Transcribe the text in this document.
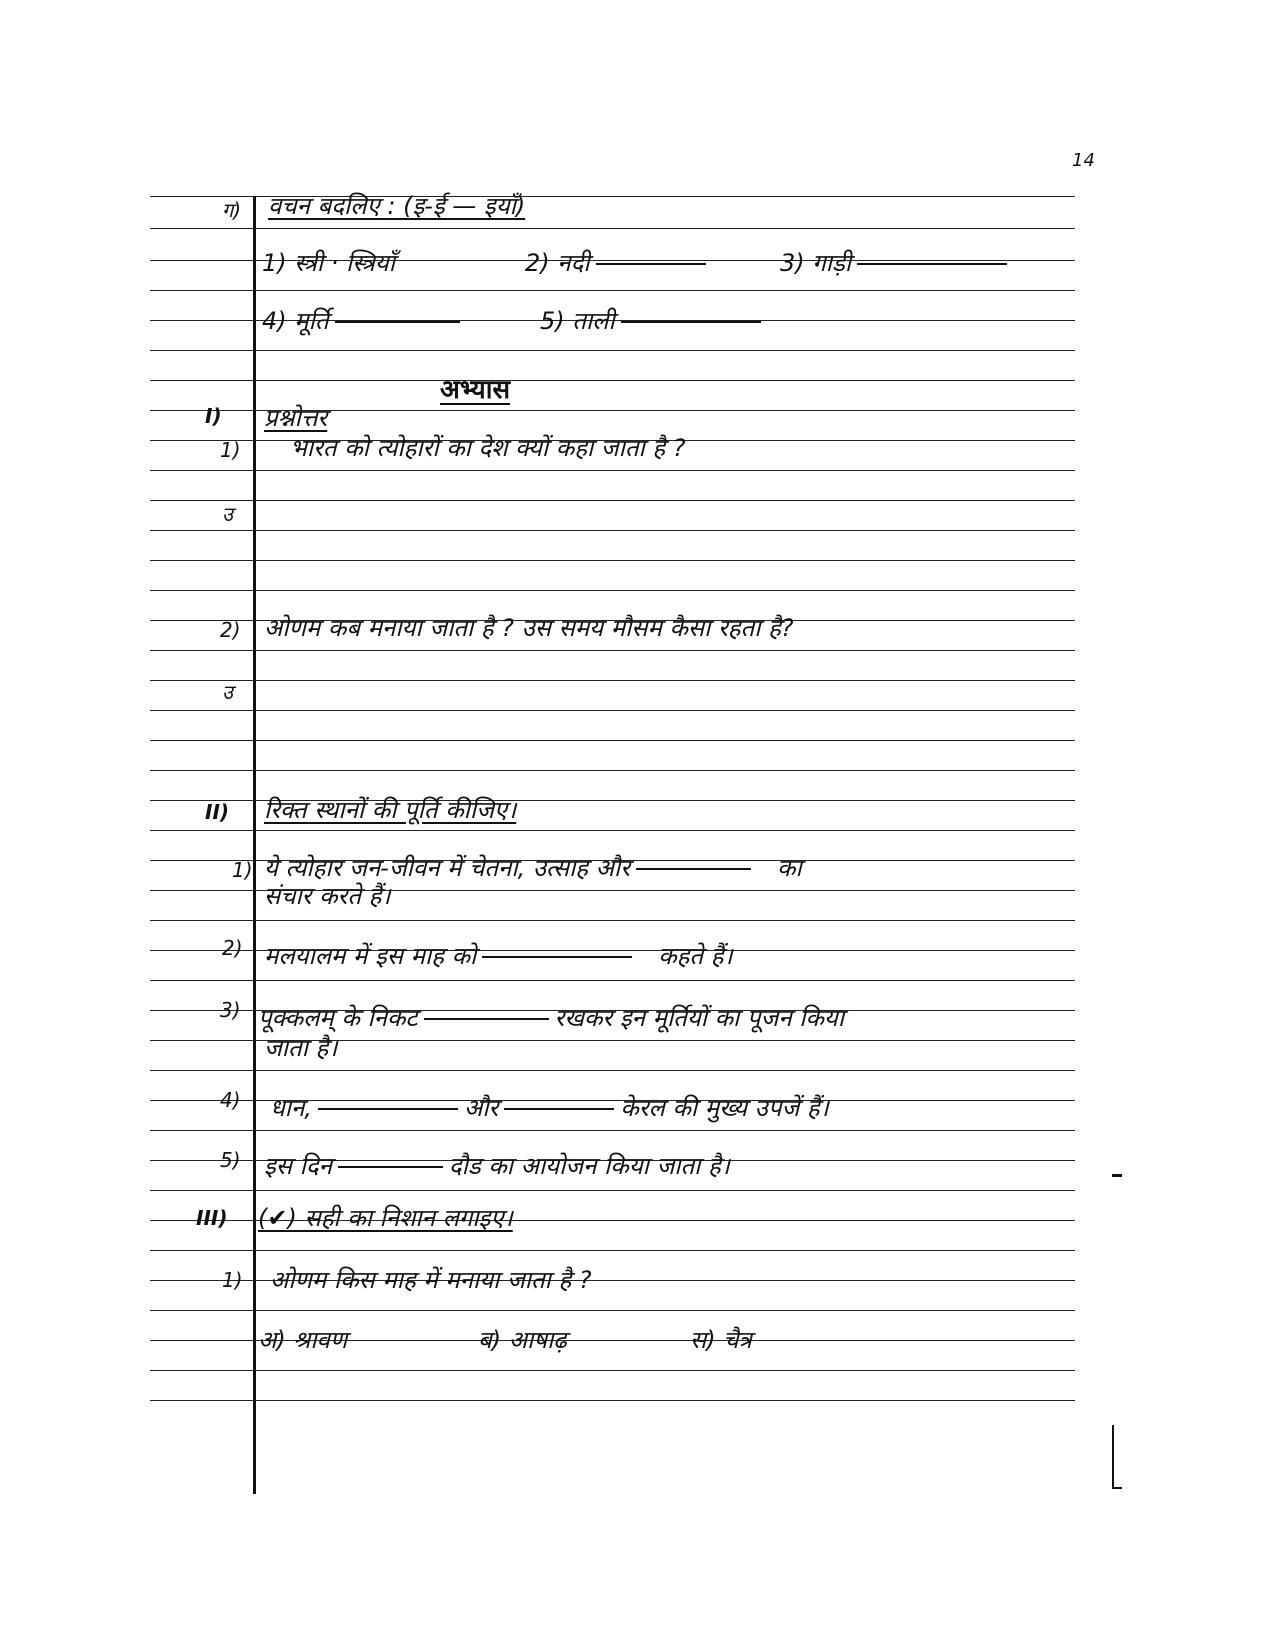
14
ग) वचन बदलिए : (इ-ई — इयाँ)
1) स्त्री · स्त्रियाँ	2) नदी	3) गाड़ी
4) मूर्ति	5) ताली
अभ्यास
I) प्रश्नोत्तर
1) भारत को त्योहारों का देश क्यों कहा जाता है ?
उ
2) ओणम कब मनाया जाता है ? उस समय मौसम कैसा रहता है?
उ
II) रिक्त स्थानों की पूर्ति कीजिए।
1) ये त्योहार जन-जीवन में चेतना, उत्साह और	का
संचार करते हैं।
2) मलयालम में इस माह को	कहते हैं।
3) पूक्कलम् के निकट	रखकर इन मूर्तियों का पूजन किया
जाता है।
4) धान,	और	केरल की मुख्य उपजें हैं।
5) इस दिन	दौड का आयोजन किया जाता है।
III) (✔) सही का निशान लगाइए।
1) ओणम किस माह में मनाया जाता है ?
अ) श्रावण	ब) आषाढ़	स) चैत्र
